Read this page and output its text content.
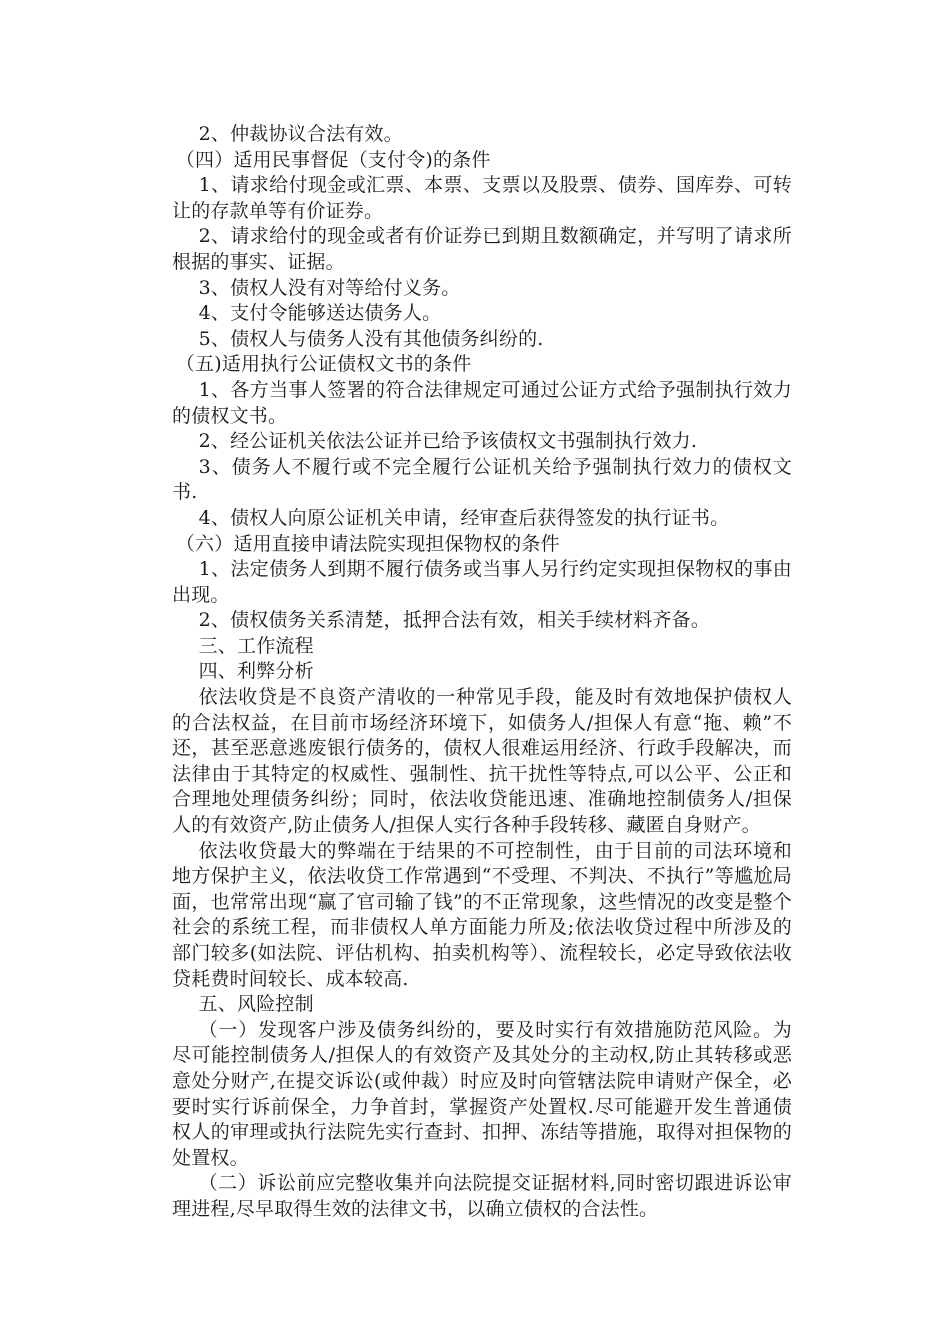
2、仲裁协议合法有效。

（四）适用民事督促（支付令)的条件

1、请求给付现金或汇票、本票、支票以及股票、债券、国库券、可转让的存款单等有价证券。

2、请求给付的现金或者有价证券已到期且数额确定，并写明了请求所根据的事实、证据。

3、债权人没有对等给付义务。

4、支付令能够送达债务人。

5、债权人与债务人没有其他债务纠纷的.

（五)适用执行公证债权文书的条件

1、各方当事人签署的符合法律规定可通过公证方式给予强制执行效力的债权文书。

2、经公证机关依法公证并已给予该债权文书强制执行效力.

3、债务人不履行或不完全履行公证机关给予强制执行效力的债权文书.

4、债权人向原公证机关申请，经审查后获得签发的执行证书。

（六）适用直接申请法院实现担保物权的条件

1、法定债务人到期不履行债务或当事人另行约定实现担保物权的事由出现。

2、债权债务关系清楚，抵押合法有效，相关手续材料齐备。

三、工作流程

四、利弊分析

依法收贷是不良资产清收的一种常见手段，能及时有效地保护债权人的合法权益，在目前市场经济环境下，如债务人/担保人有意“拖、赖”不还，甚至恶意逃废银行债务的，债权人很难运用经济、行政手段解决，而法律由于其特定的权威性、强制性、抗干扰性等特点,可以公平、公正和合理地处理债务纠纷；同时，依法收贷能迅速、准确地控制债务人/担保人的有效资产,防止债务人/担保人实行各种手段转移、藏匿自身财产。

依法收贷最大的弊端在于结果的不可控制性，由于目前的司法环境和地方保护主义，依法收贷工作常遇到“不受理、不判决、不执行”等尴尬局面，也常常出现“赢了官司输了钱”的不正常现象，这些情况的改变是整个社会的系统工程，而非债权人单方面能力所及;依法收贷过程中所涉及的部门较多(如法院、评估机构、拍卖机构等）、流程较长，必定导致依法收贷耗费时间较长、成本较高.

五、风险控制

（一）发现客户涉及债务纠纷的，要及时实行有效措施防范风险。为尽可能控制债务人/担保人的有效资产及其处分的主动权,防止其转移或恶意处分财产,在提交诉讼(或仲裁）时应及时向管辖法院申请财产保全，必要时实行诉前保全，力争首封，掌握资产处置权.尽可能避开发生普通债权人的审理或执行法院先实行查封、扣押、冻结等措施，取得对担保物的处置权。

（二）诉讼前应完整收集并向法院提交证据材料,同时密切跟进诉讼审理进程,尽早取得生效的法律文书，以确立债权的合法性。
